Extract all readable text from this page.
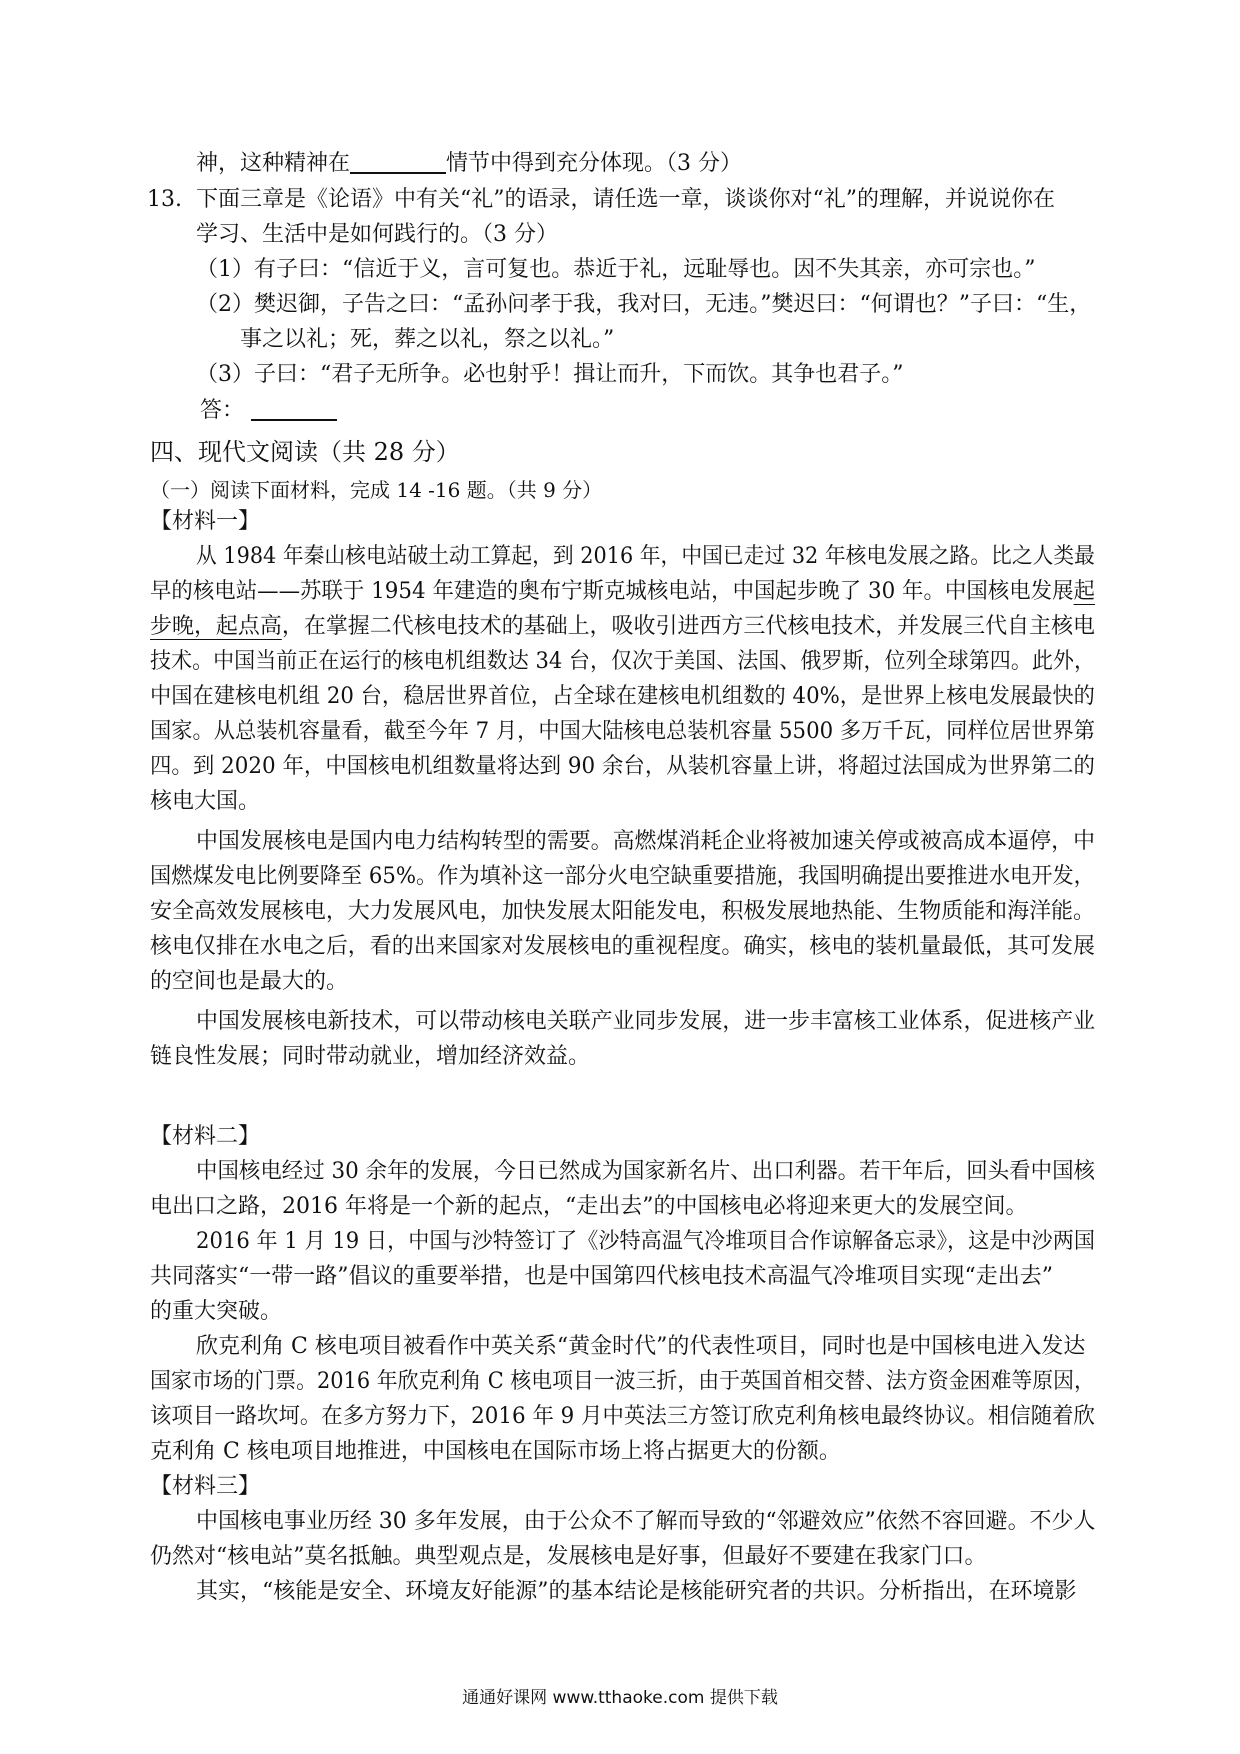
神，这种精神在	情节中得到充分体现。（3 分）
13. 下面三章是《论语》中有关“礼”的语录，请任选一章，谈谈你对“礼”的理解，并说说你在
学习、生活中是如何践行的。（3 分）
（1）有子曰：“信近于义，言可复也。恭近于礼，远耻辱也。因不失其亲，亦可宗也。”
（2）樊迟御，子告之曰：“孟孙问孝于我，我对曰，无违。”樊迟曰：“何谓也？”子曰：“生，
事之以礼；死，葬之以礼，祭之以礼。”
（3）子曰：“君子无所争。必也射乎！揖让而升，下而饮。其争也君子。”
答：
四、现代文阅读（共 28 分）
（一）阅读下面材料，完成 14 -16 题。（共 9 分）
【材料一】
从 1984 年秦山核电站破土动工算起，到 2016 年，中国已走过 32 年核电发展之路。比之人类最
早的核电站——苏联于 1954 年建造的奥布宁斯克城核电站，中国起步晚了 30 年。中国核电发展起
步晚，起点高，在掌握二代核电技术的基础上，吸收引进西方三代核电技术，并发展三代自主核电
技术。中国当前正在运行的核电机组数达 34 台，仅次于美国、法国、俄罗斯，位列全球第四。此外，
中国在建核电机组 20 台，稳居世界首位，占全球在建核电机组数的 40%，是世界上核电发展最快的
国家。从总装机容量看，截至今年 7 月，中国大陆核电总装机容量 5500 多万千瓦，同样位居世界第
四。到 2020 年，中国核电机组数量将达到 90 余台，从装机容量上讲，将超过法国成为世界第二的
核电大国。
中国发展核电是国内电力结构转型的需要。高燃煤消耗企业将被加速关停或被高成本逼停，中
国燃煤发电比例要降至 65%。作为填补这一部分火电空缺重要措施，我国明确提出要推进水电开发，
安全高效发展核电，大力发展风电，加快发展太阳能发电，积极发展地热能、生物质能和海洋能。
核电仅排在水电之后，看的出来国家对发展核电的重视程度。确实，核电的装机量最低，其可发展
的空间也是最大的。
中国发展核电新技术，可以带动核电关联产业同步发展，进一步丰富核工业体系，促进核产业
链良性发展；同时带动就业，增加经济效益。
【材料二】
中国核电经过 30 余年的发展，今日已然成为国家新名片、出口利器。若干年后，回头看中国核
电出口之路，2016 年将是一个新的起点，“走出去”的中国核电必将迎来更大的发展空间。
2016 年 1 月 19 日，中国与沙特签订了《沙特高温气冷堆项目合作谅解备忘录》，这是中沙两国
共同落实“一带一路”倡议的重要举措，也是中国第四代核电技术高温气冷堆项目实现“走出去”
的重大突破。
欣克利角 C 核电项目被看作中英关系“黄金时代”的代表性项目，同时也是中国核电进入发达
国家市场的门票。2016 年欣克利角 C 核电项目一波三折，由于英国首相交替、法方资金困难等原因，
该项目一路坎坷。在多方努力下，2016 年 9 月中英法三方签订欣克利角核电最终协议。相信随着欣
克利角 C 核电项目地推进，中国核电在国际市场上将占据更大的份额。
【材料三】
中国核电事业历经 30 多年发展，由于公众不了解而导致的“邻避效应”依然不容回避。不少人
仍然对“核电站”莫名抵触。典型观点是，发展核电是好事，但最好不要建在我家门口。
其实，“核能是安全、环境友好能源”的基本结论是核能研究者的共识。分析指出，在环境影
通通好课网 www.tthaoke.com 提供下载
